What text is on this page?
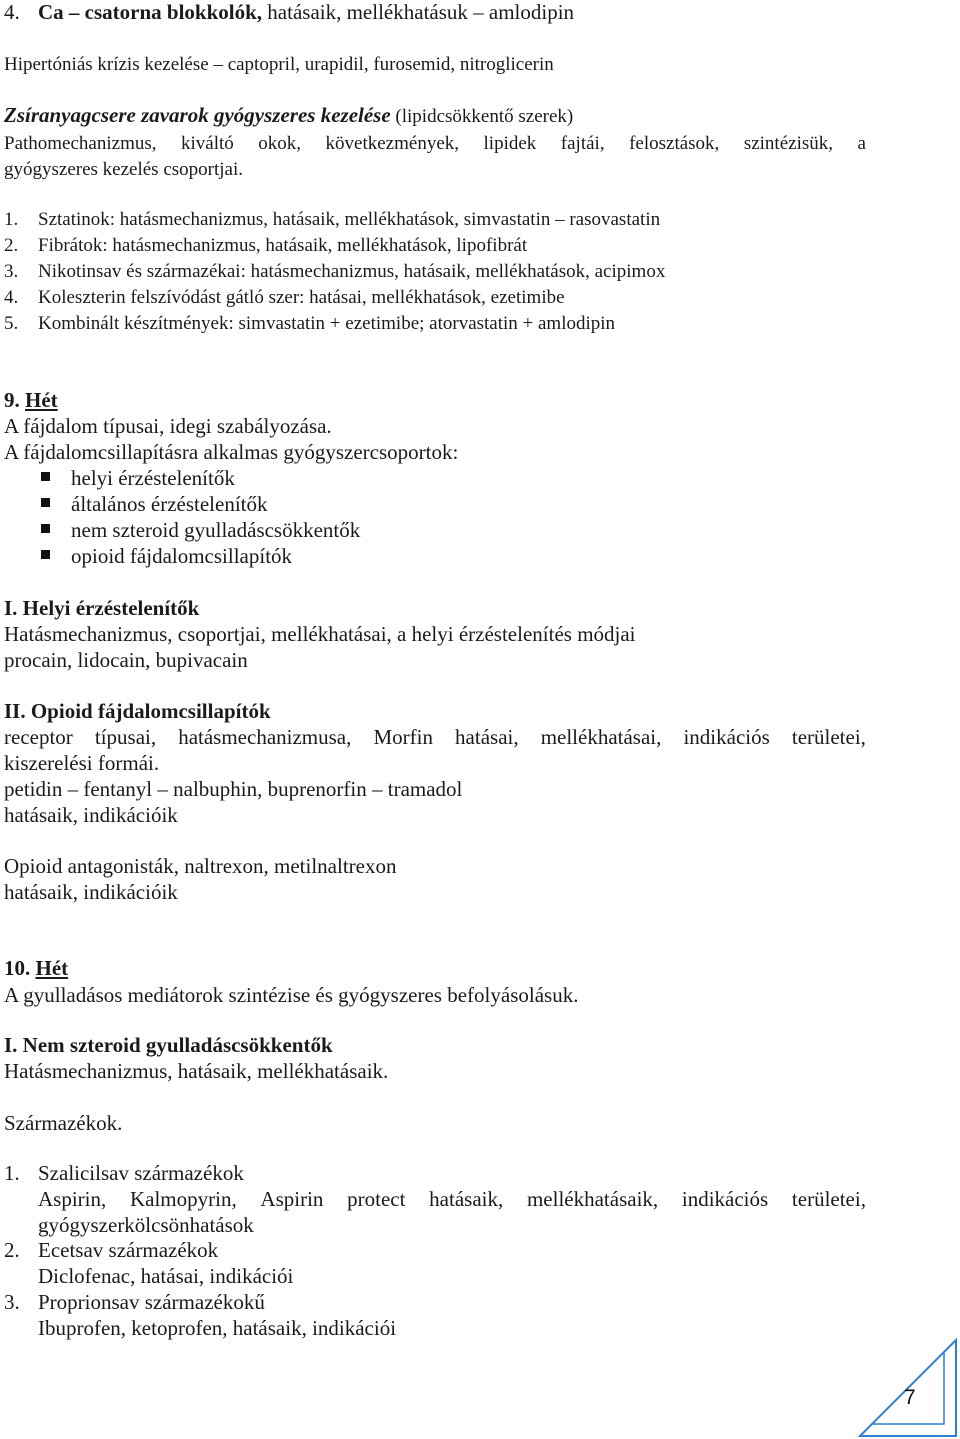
4. Ca – csatorna blokkolók, hatásaik, mellékhatásuk – amlodipin
Hipertóniás krízis kezelése – captopril, urapidil, furosemid, nitroglicerin
Zsíranyagcsere zavarok gyógyszeres kezelése (lipidcsökkentő szerek)
Pathomechanizmus, kiváltó okok, következmények, lipidek fajtái, felosztások, szintézisük, a
gyógyszeres kezelés csoportjai.
1. Sztatinok: hatásmechanizmus, hatásaik, mellékhatások, simvastatin – rasovastatin
2. Fibrátok: hatásmechanizmus, hatásaik, mellékhatások, lipofibrát
3. Nikotinsav és származékai: hatásmechanizmus, hatásaik, mellékhatások, acipimox
4. Koleszterin felszívódást gátló szer: hatásai, mellékhatások, ezetimibe
5. Kombinált készítmények: simvastatin + ezetimibe; atorvastatin + amlodipin
9. Hét
A fájdalom típusai, idegi szabályozása.
A fájdalomcsillapításra alkalmas gyógyszercsoportok:
helyi érzéstelenítők
általános érzéstelenítők
nem szteroid gyulladáscsökkentők
opioid fájdalomcsillapítók
I. Helyi érzéstelenítők
Hatásmechanizmus, csoportjai, mellékhatásai, a helyi érzéstelenítés módjai
procain, lidocain, bupivacain
II. Opioid fájdalomcsillapítók
receptor típusai, hatásmechanizmusa, Morfin hatásai, mellékhatásai, indikációs területei,
kiszerelési formái.
petidin – fentanyl – nalbuphin, buprenorfin – tramadol
hatásaik, indikációik
Opioid antagonisták, naltrexon, metilnaltrexon
hatásaik, indikációik
10. Hét
A gyulladásos mediátorok szintézise és gyógyszeres befolyásolásuk.
I. Nem szteroid gyulladáscsökkentők
Hatásmechanizmus, hatásaik, mellékhatásaik.
Származékok.
1. Szalicilsav származékok
Aspirin, Kalmopyrin, Aspirin protect hatásaik, mellékhatásaik, indikációs területei,
gyógyszerkölcsönhatások
2. Ecetsav származékok
Diclofenac, hatásai, indikációi
3. Proprionsav származékokű
Ibuprofen, ketoprofen, hatásaik, indikációi
7
